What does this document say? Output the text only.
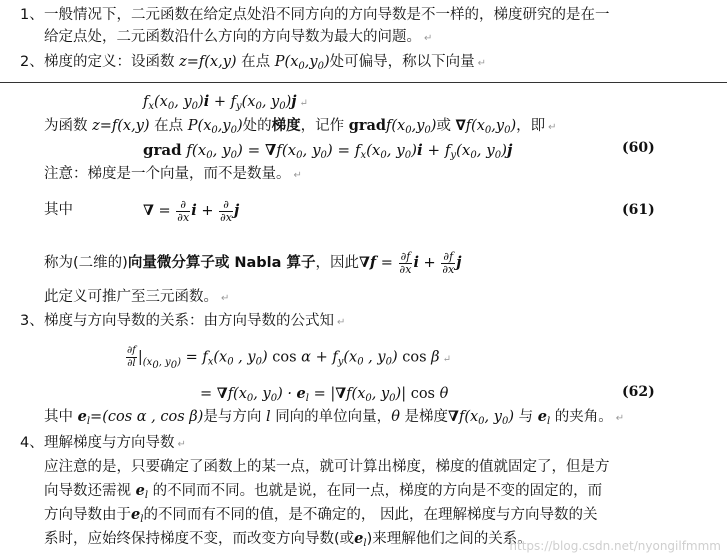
1、 一般情况下，二元函数在给定点处沿不同方向的方向导数是不一样的，梯度研究的是在一
给定点处，二元函数沿什么方向的方向导数为最大的问题。 ↵
2、 梯度的定义：设函数 z=f(x,y) 在点 $P(x_0,y_0)$处可偏导，称以下向量 ↵
$f_x(x_0$, $y_0)i + f_y(x_0$, $y_0)j$ ↵
为函数 z=f(x,y) 在点 $P(x_0,y_0)$处的梯度，记作 $gradf(x_0,y_0)$或 $\nabla f(x_0,y_0)$，即 ↵
grad $f(x_0$, $y_0) = \nabla f(x_0$, $y_0) = f_x(x_0$, $y_0)i + f_y(x_0$, $y_0)j$	(60)
注意：梯度是一个向量，而不是数量。 ↵
其中	∇ = $\frac{\partial}{\partial x}$ $i + \frac{\partial}{\partial x}$ j	(61)
称为(二维的)向量微分算子或 Nabla 算子，因此$\nabla f = \frac{\partial f}{\partial x}$ $i + \frac{\partial f}{\partial x}$ j
此定义可推广至三元函数。 ↵
3、 梯度与方向导数的关系：由方向导数的公式知 ↵
$\frac{\partial f}{\partial l} |_{(x_0, y_0)} = f_x(x_0$ , $y_0$) $\cos \alpha + f_y(x_0$ , $y_0$) cos β ↵
= $\nabla f(x_0$, $y_0) \cdot e_l = |\nabla f(x_0$, $y_0)|$ cos θ	(62)
其中 $e_l=(\cos$ α , cos β)是与方向 l 同向的单位向量，θ 是梯度$\nabla f(x_0$, $y_0$) 与 $e_l$ 的夹角。 ↵
4、 理解梯度与方向导数 ↵
应注意的是，只要确定了函数上的某一点，就可计算出梯度，梯度的值就固定了，但是方
向导数还需视 $e_l$ 的不同而不同。也就是说，在同一点，梯度的方向是不变的固定的，而
方向导数由于$e_l$的不同而有不同的值，是不确定的， 因此，在理解梯度与方向导数的关
系时，应始终保持梯度不变，而改变方向导数(或$e_l$)来理解他们之间的关系。
https://blog.csdn.net/nyongilfmmm
